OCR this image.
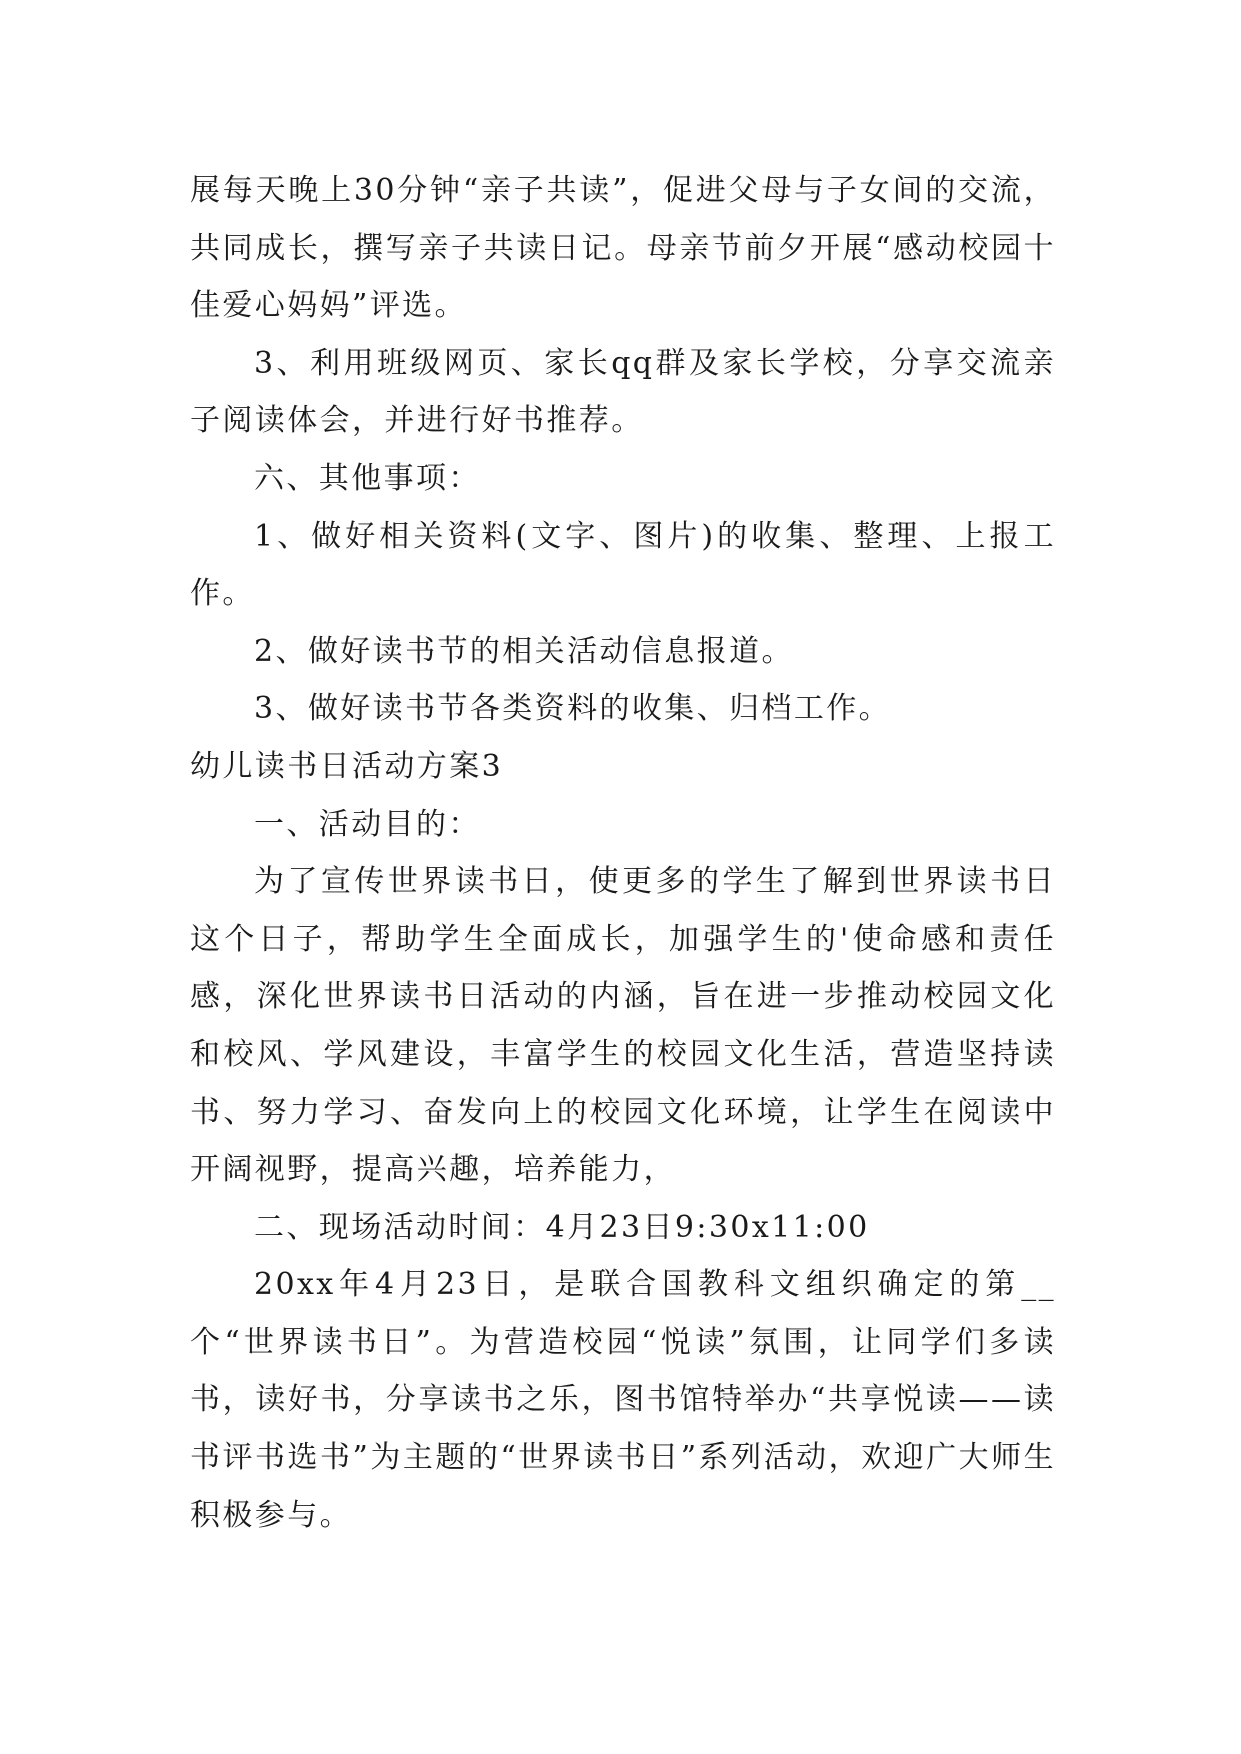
展每天晚上30分钟“亲子共读”，促进父母与子女间的交流，共同成长，撰写亲子共读日记。母亲节前夕开展“感动校园十佳爱心妈妈”评选。

3、利用班级网页、家长qq群及家长学校，分享交流亲子阅读体会，并进行好书推荐。

六、其他事项：

1、做好相关资料(文字、图片)的收集、整理、上报工作。

2、做好读书节的相关活动信息报道。

3、做好读书节各类资料的收集、归档工作。

幼儿读书日活动方案3

一、活动目的：

为了宣传世界读书日，使更多的学生了解到世界读书日这个日子，帮助学生全面成长，加强学生的'使命感和责任感，深化世界读书日活动的内涵，旨在进一步推动校园文化和校风、学风建设，丰富学生的校园文化生活，营造坚持读书、努力学习、奋发向上的校园文化环境，让学生在阅读中开阔视野，提高兴趣，培养能力，

二、现场活动时间：4月23日9:30x11:00

20xx年4月23日，是联合国教科文组织确定的第__个“世界读书日”。为营造校园“悦读”氛围，让同学们多读书，读好书，分享读书之乐，图书馆特举办“共享悦读——读书评书选书”为主题的“世界读书日”系列活动，欢迎广大师生积极参与。
